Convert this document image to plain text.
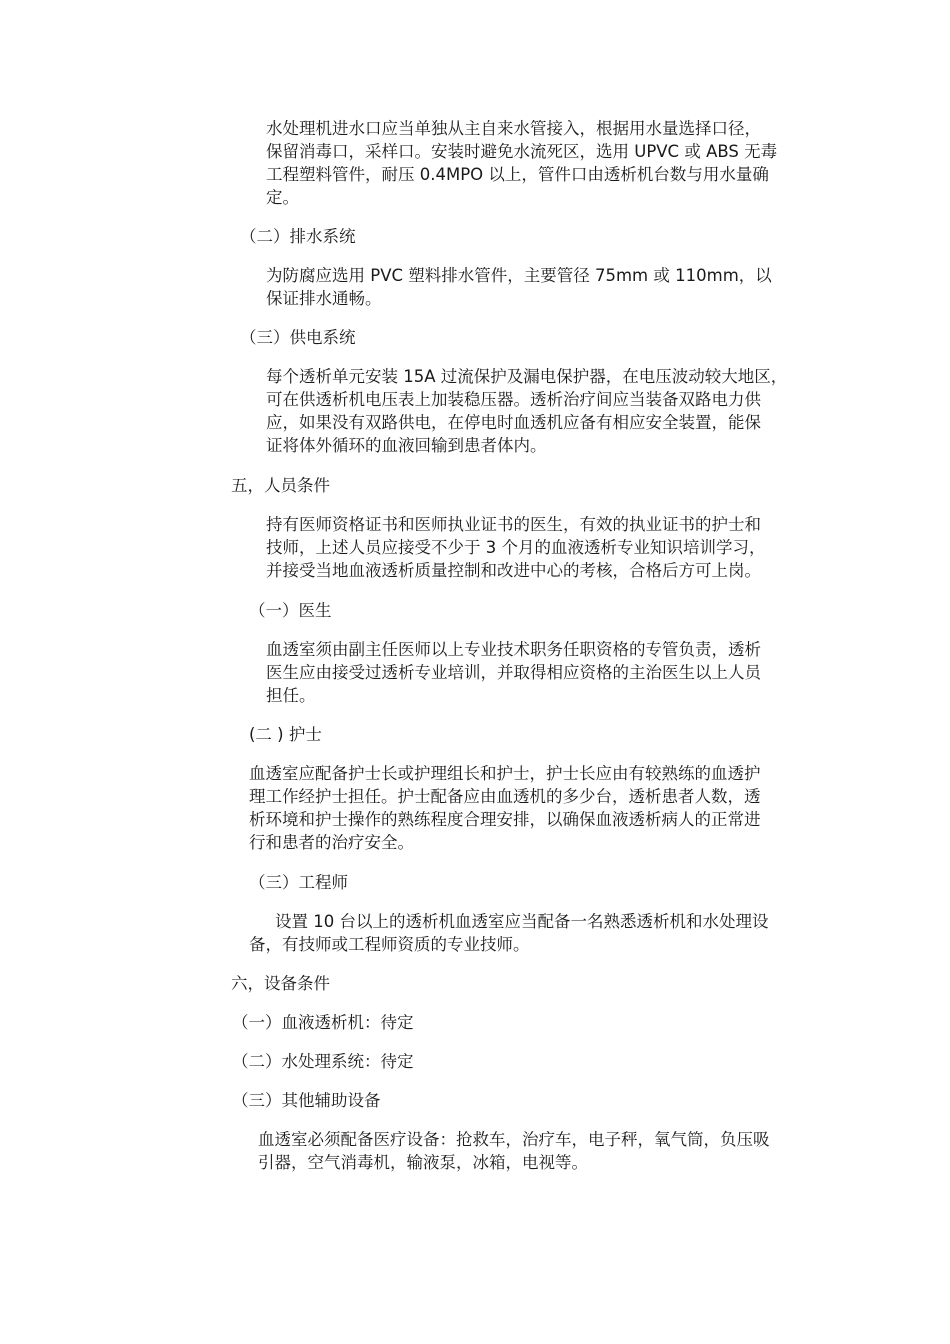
水处理机进水口应当单独从主自来水管接入，根据用水量选择口径，
保留消毒口，采样口。安装时避免水流死区，选用 UPVC 或 ABS 无毒
工程塑料管件，耐压 0.4MPO 以上，管件口由透析机台数与用水量确
定。
（二）排水系统
为防腐应选用 PVC 塑料排水管件，主要管径 75mm 或 110mm，以
保证排水通畅。
（三）供电系统
每个透析单元安装 15A 过流保护及漏电保护器，在电压波动较大地区，
可在供透析机电压表上加装稳压器。透析治疗间应当装备双路电力供
应，如果没有双路供电，在停电时血透机应备有相应安全装置，能保
证将体外循环的血液回输到患者体内。
五，人员条件
持有医师资格证书和医师执业证书的医生，有效的执业证书的护士和
技师，上述人员应接受不少于 3 个月的血液透析专业知识培训学习，
并接受当地血液透析质量控制和改进中心的考核，合格后方可上岗。
（一）医生
血透室须由副主任医师以上专业技术职务任职资格的专管负责，透析
医生应由接受过透析专业培训，并取得相应资格的主治医生以上人员
担任。
(二 ) 护士
血透室应配备护士长或护理组长和护士，护士长应由有较熟练的血透护
理工作经护士担任。护士配备应由血透机的多少台，透析患者人数，透
析环境和护士操作的熟练程度合理安排，以确保血液透析病人的正常进
行和患者的治疗安全。
（三）工程师
设置 10 台以上的透析机血透室应当配备一名熟悉透析机和水处理设
备，有技师或工程师资质的专业技师。
六，设备条件
（一）血液透析机：待定
（二）水处理系统：待定
（三）其他辅助设备
血透室必须配备医疗设备：抢救车，治疗车，电子秤，氧气筒，负压吸
引器，空气消毒机，输液泵，冰箱，电视等。
